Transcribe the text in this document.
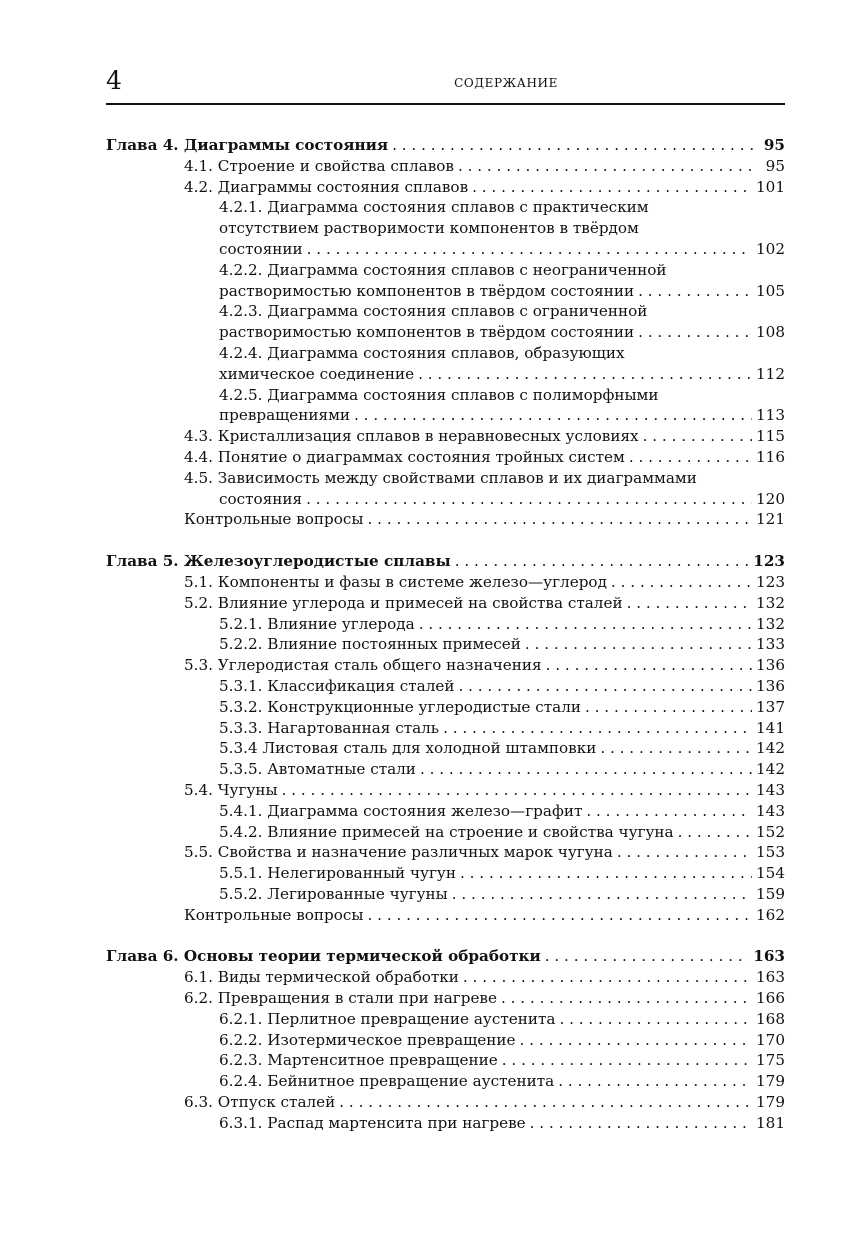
4	СОДЕРЖАНИЕ
Глава 4. Диаграммы состояния . . .	95
4.1. Строение и свойства сплавов . . .	95
4.2. Диаграммы состояния сплавов . . .	101
4.2.1. Диаграмма состояния сплавов с практическим
отсутствием растворимости компонентов в твёрдом
состоянии . . .	102
4.2.2. Диаграмма состояния сплавов с неограниченной
растворимостью компонентов в твёрдом состоянии . . .	105
4.2.3. Диаграмма состояния сплавов с ограниченной
растворимостью компонентов в твёрдом состоянии . . .	108
4.2.4. Диаграмма состояния сплавов, образующих
химическое соединение . . .	112
4.2.5. Диаграмма состояния сплавов с полиморфными
превращениями . . .	113
4.3. Кристаллизация сплавов в неравновесных условиях . . .	115
4.4. Понятие о диаграммах состояния тройных систем . . .	116
4.5. Зависимость между свойствами сплавов и их диаграммами
состояния . . .	120
Контрольные вопросы . . .	121
Глава 5. Железоуглеродистые сплавы . . .	123
5.1. Компоненты и фазы в системе железо—углерод . . .	123
5.2. Влияние углерода и примесей на свойства сталей . . .	132
5.2.1. Влияние углерода . . .	132
5.2.2. Влияние постоянных примесей . . .	133
5.3. Углеродистая сталь общего назначения . . .	136
5.3.1. Классификация сталей . . .	136
5.3.2. Конструкционные углеродистые стали . . .	137
5.3.3. Нагартованная сталь . . .	141
5.3.4 Листовая сталь для холодной штамповки . . .	142
5.3.5. Автоматные стали . . .	142
5.4. Чугуны . . .	143
5.4.1. Диаграмма состояния железо—графит . . .	143
5.4.2. Влияние примесей на строение и свойства чугуна . . .	152
5.5. Свойства и назначение различных марок чугуна . . .	153
5.5.1. Нелегированный чугун . . .	154
5.5.2. Легированные чугуны . . .	159
Контрольные вопросы . . .	162
Глава 6. Основы теории термической обработки . . .	163
6.1. Виды термической обработки . . .	163
6.2. Превращения в стали при нагреве . . .	166
6.2.1. Перлитное превращение аустенита . . .	168
6.2.2. Изотермическое превращение . . .	170
6.2.3. Мартенситное превращение . . .	175
6.2.4. Бейнитное превращение аустенита . . .	179
6.3. Отпуск сталей . . .	179
6.3.1. Распад мартенсита при нагреве . . .	181
